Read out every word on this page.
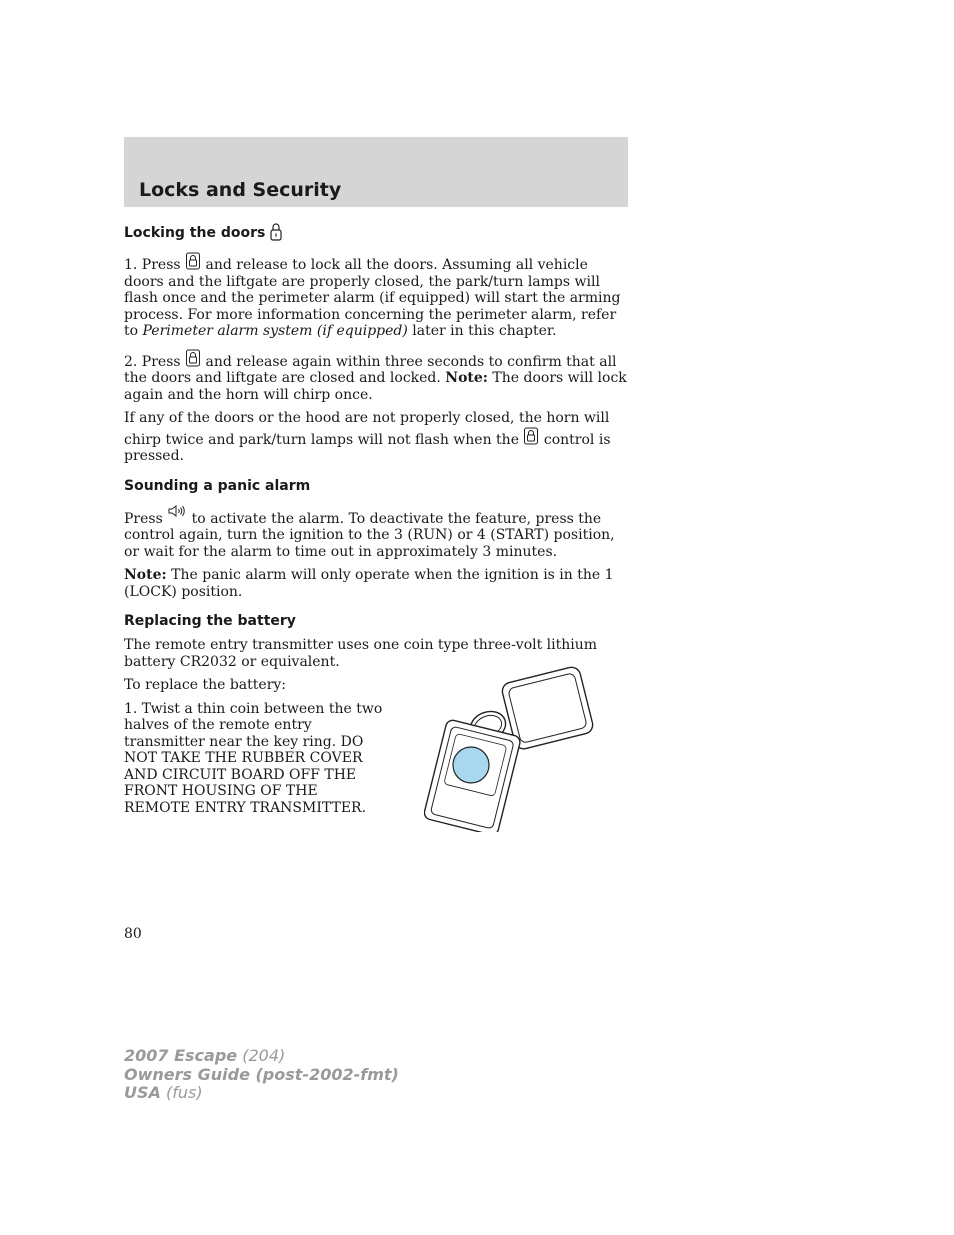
Locks and Security
Locking the doors

1. Press  and release to lock all the doors. Assuming all vehicle doors and the liftgate are properly closed, the park/turn lamps will flash once and the perimeter alarm (if equipped) will start the arming process. For more information concerning the perimeter alarm, refer to Perimeter alarm system (if equipped) later in this chapter.

2. Press  and release again within three seconds to confirm that all the doors and liftgate are closed and locked. Note: The doors will lock again and the horn will chirp once.

If any of the doors or the hood are not properly closed, the horn will chirp twice and park/turn lamps will not flash when the  control is pressed.

Sounding a panic alarm

Press  to activate the alarm. To deactivate the feature, press the control again, turn the ignition to the 3 (RUN) or 4 (START) position, or wait for the alarm to time out in approximately 3 minutes.

Note: The panic alarm will only operate when the ignition is in the 1 (LOCK) position.

Replacing the battery

The remote entry transmitter uses one coin type three-volt lithium battery CR2032 or equivalent.

To replace the battery:

1. Twist a thin coin between the two halves of the remote entry transmitter near the key ring. DO NOT TAKE THE RUBBER COVER AND CIRCUIT BOARD OFF THE FRONT HOUSING OF THE REMOTE ENTRY TRANSMITTER.

80
2007 Escape (204)
Owners Guide (post-2002-fmt)
USA (fus)
